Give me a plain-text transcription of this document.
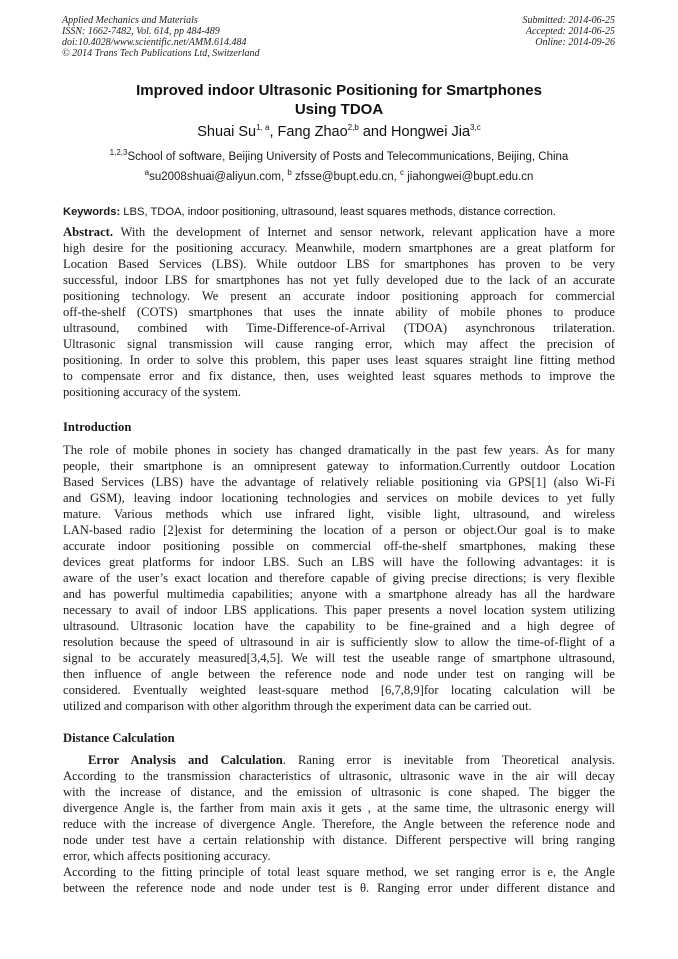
Applied Mechanics and Materials
ISSN: 1662-7482, Vol. 614, pp 484-489
doi:10.4028/www.scientific.net/AMM.614.484
© 2014 Trans Tech Publications Ltd, Switzerland
Submitted: 2014-06-25
Accepted: 2014-06-25
Online: 2014-09-26
Improved indoor Ultrasonic Positioning for Smartphones
Using TDOA
Shuai Su$^{1, a}$, Fang Zhao$^{2,b}$ and Hongwei Jia$^{3,c}$
$^{1,2,3}$School of software, Beijing University of Posts and Telecommunications, Beijing, China
$^a$su2008shuai@aliyun.com, $^b$ zfsse@bupt.edu.cn, $^c$ jiahongwei@bupt.edu.cn
Keywords: LBS, TDOA, indoor positioning, ultrasound, least squares methods, distance correction.
Abstract. With the development of Internet and sensor network, relevant application have a more
high desire for the positioning accuracy. Meanwhile, modern smartphones are a great platform for
Location Based Services (LBS). While outdoor LBS for smartphones has proven to be very
successful, indoor LBS for smartphones has not yet fully developed due to the lack of an accurate
positioning technology. We present an accurate indoor positioning approach for commercial
off-the-shelf (COTS) smartphones that uses the innate ability of mobile phones to produce
ultrasound, combined with Time-Difference-of-Arrival (TDOA) asynchronous trilateration.
Ultrasonic signal transmission will cause ranging error, which may affect the precision of
positioning. In order to solve this problem, this paper uses least squares straight line fitting method
to compensate error and fix distance, then, uses weighted least squares methods to improve the
positioning accuracy of the system.
Introduction
The role of mobile phones in society has changed dramatically in the past few years. As for many
people, their smartphone is an omnipresent gateway to information.Currently outdoor Location
Based Services (LBS) have the advantage of relatively reliable positioning via GPS[1] (also Wi-Fi
and GSM), leaving indoor locationing technologies and services on mobile devices to yet fully
mature. Various methods which use infrared light, visible light, ultrasound, and wireless
LAN-based radio [2]exist for determining the location of a person or object.Our goal is to make
accurate indoor positioning possible on commercial off-the-shelf smartphones, making these
devices great platforms for indoor LBS. Such an LBS will have the following advantages: it is
aware of the user’s exact location and therefore capable of giving precise directions; is very flexible
and has powerful multimedia capabilities; anyone with a smartphone already has all the hardware
necessary to avail of indoor LBS applications. This paper presents a novel location system utilizing
ultrasound. Ultrasonic location have the capability to be fine-grained and a high degree of
resolution because the speed of ultrasound in air is sufficiently slow to allow the time-of-flight of a
signal to be accurately measured[3,4,5]. We will test the useable range of smartphone ultrasound,
then influence of angle between the reference node and node under test on ranging will be
considered. Eventually weighted least-square method [6,7,8,9]for locating calculation will be
utilized and comparison with other algorithm through the experiment data can be carried out.
Distance Calculation
Error Analysis and Calculation. Raning error is inevitable from Theoretical analysis.
According to the transmission characteristics of ultrasonic, ultrasonic wave in the air will decay
with the increase of distance, and the emission of ultrasonic is cone shaped. The bigger the
divergence Angle is, the farther from main axis it gets , at the same time, the ultrasonic energy will
reduce with the increase of divergence Angle. Therefore, the Angle between the reference node and
node under test have a certain relationship with distance. Different perspective will bring ranging
error, which affects positioning accuracy.
According to the fitting principle of total least square method, we set ranging error is e, the Angle
between the reference node and node under test is θ. Ranging error under different distance and
